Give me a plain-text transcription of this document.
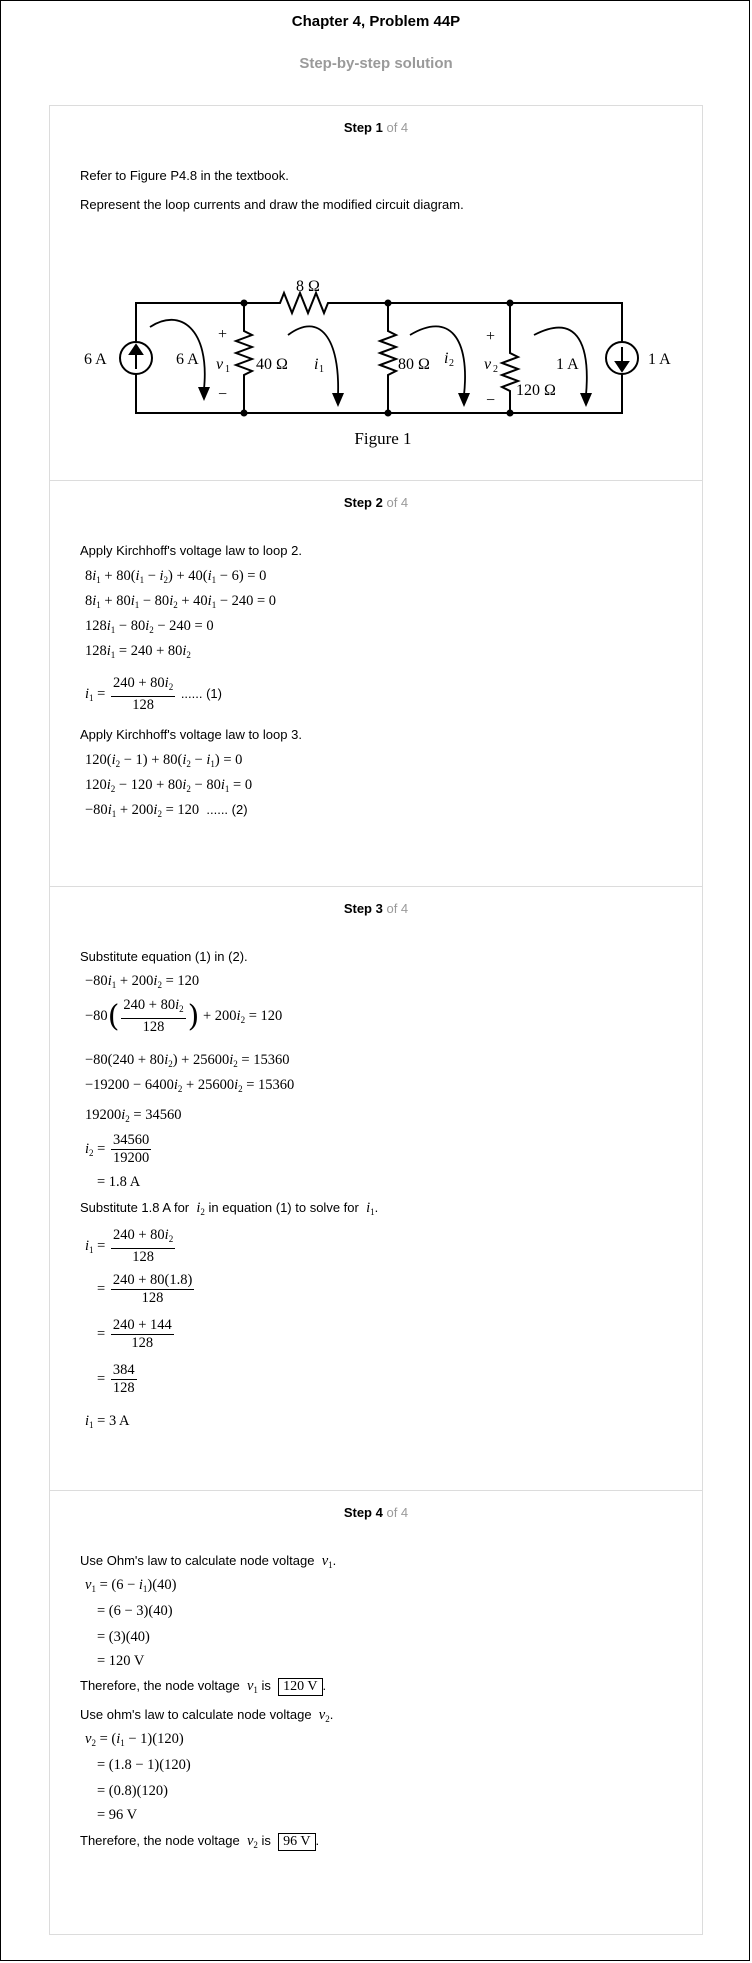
Chapter 4, Problem 44P
Step-by-step solution
Step 1 of 4
Refer to Figure P4.8 in the textbook.
Represent the loop currents and draw the modified circuit diagram.
8 Ω
6 A	1 A
6 A	1 A
40 Ω	80 Ω
120 Ω
+
−
+
−
v 1	v 2
i 1
i 2
Figure 1
Step 2 of 4
Apply Kirchhoff's voltage law to loop 2.
$8i_1 + 80(i_1 - i_2) + 40(i_1 - 6) = 0$
$8i_1 + 80i_1 - 80i_2 + 40i_1 - 240 = 0$
$128i_1 - 80i_2 - 240 = 0$
$128i_1 = 240 + 80i_2$
$i_1 = \frac{240 + 80i_2}{128}$ ...... (1)
Apply Kirchhoff's voltage law to loop 3.
$120(i_2 - 1) + 80(i_2 - i_1) = 0$
$120i_2 - 120 + 80i_2 - 80i_1 = 0$
$-80i_1 + 200i_2 = 120$  ...... (2)
Step 3 of 4
Substitute equation (1) in (2).
$-80i_1 + 200i_2 = 120$
$-80( \frac{240 + 80i_2}{128}$ ) + $200i_2 = 120$
$-80(240 + 80i_2) + 25600i_2 = 15360$
$-19200 - 6400i_2 + 25600i_2 = 15360$
$19200i_2 = 34560$
$i_2 = \frac{34560}{19200}$
= 1.8 A
Substitute 1.8 A for $i_2$ in equation (1) to solve for $i_1$.
$i_1 = \frac{240 + 80i_2}{128}$
= $\frac{240 + 80(1.8)}{128}$
= $\frac{240 + 144}{128}$
= $\frac{384}{128}$
$i_1 = 3$ A
Step 4 of 4
Use Ohm's law to calculate node voltage $v_1$.
$v_1 = (6 - i_1)(40)$
= (6 − 3)(40)
= (3)(40)
= 120 V
Therefore, the node voltage $v_1$ is 120 V .
Use ohm's law to calculate node voltage $v_2$.
$v_2 = (i_1 - 1)(120)$
= (1.8 − 1)(120)
= (0.8)(120)
= 96 V
Therefore, the node voltage $v_2$ is 96 V .
